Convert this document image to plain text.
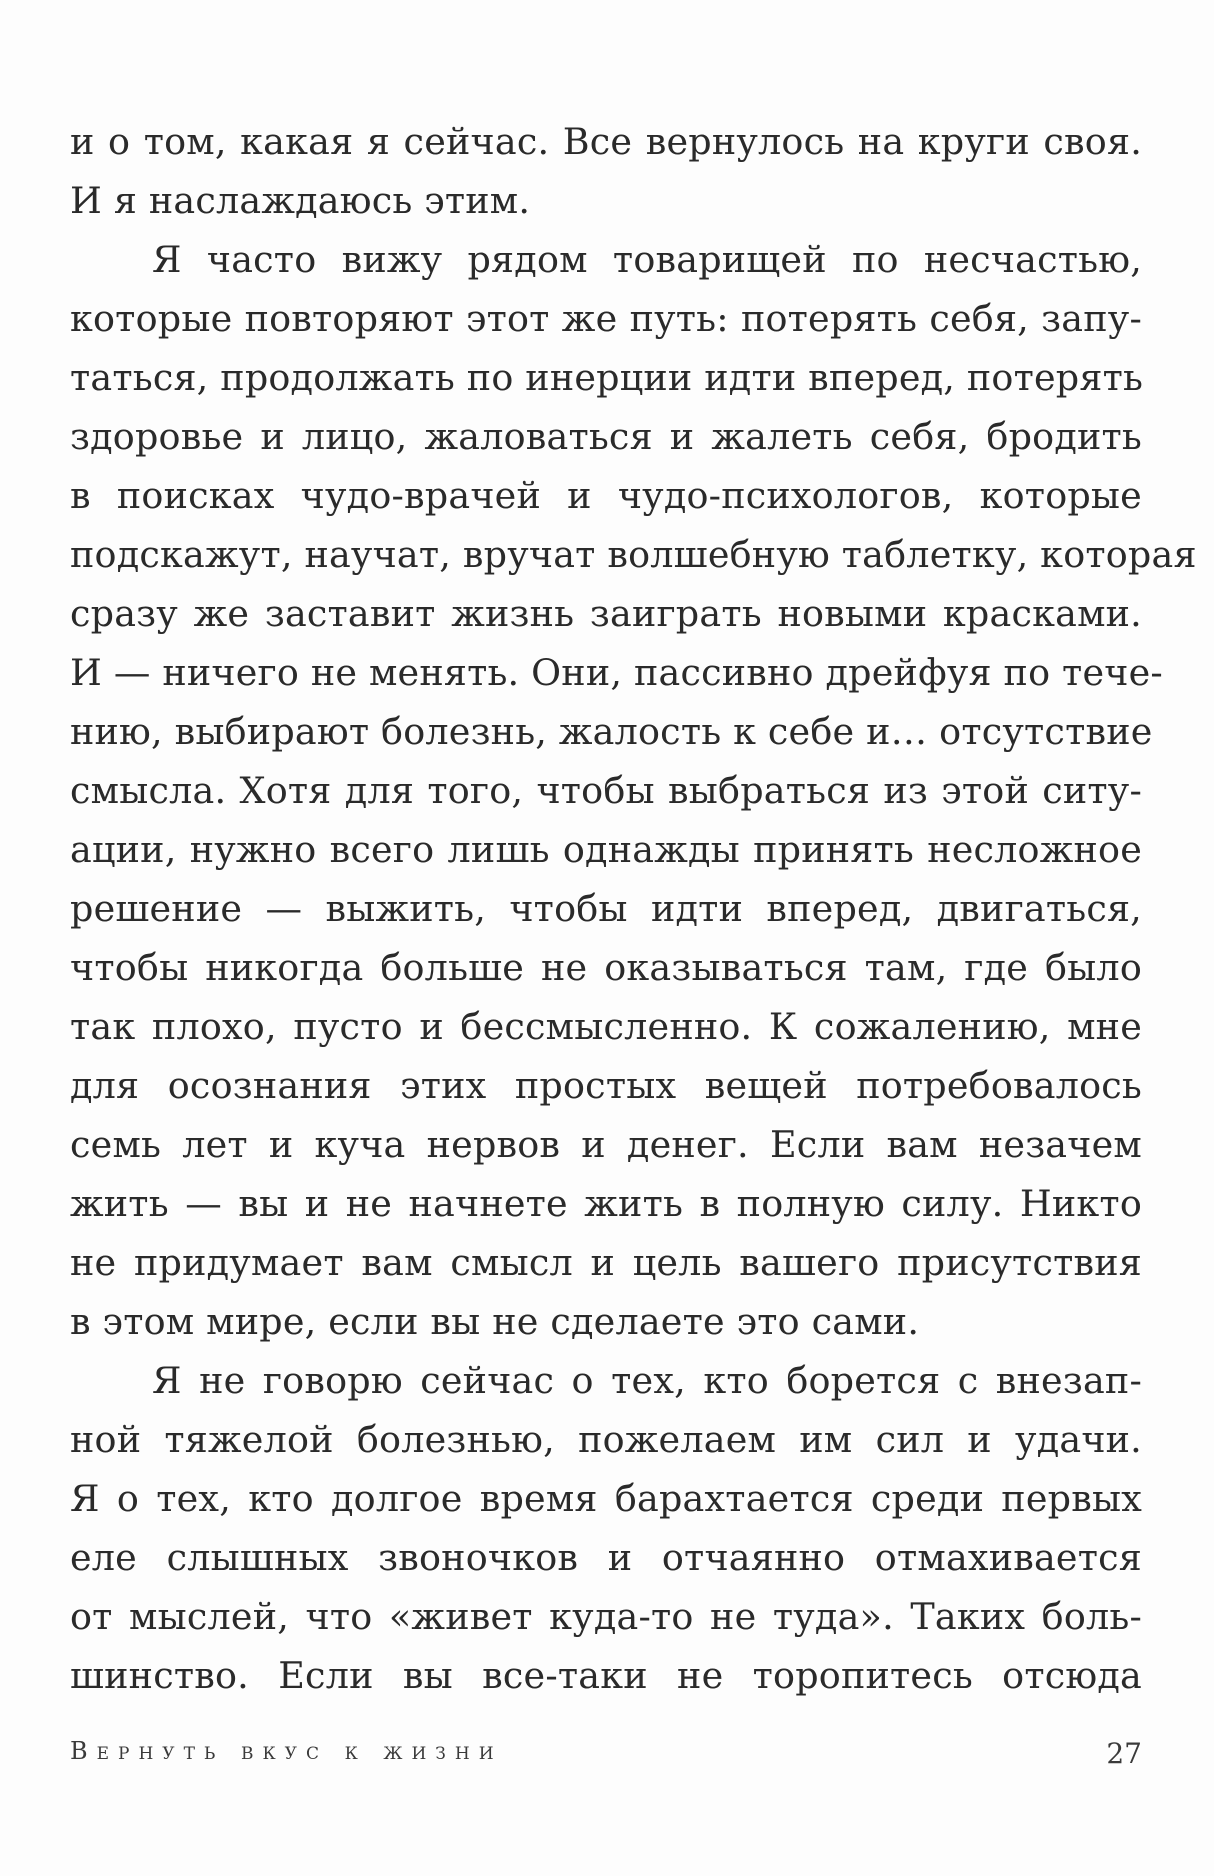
и о том, какая я сейчас. Все вернулось на круги своя.
И я наслаждаюсь этим.
Я часто вижу рядом товарищей по несчастью,
которые повторяют этот же путь: потерять себя, запу-
таться, продолжать по инерции идти вперед, потерять
здоровье и лицо, жаловаться и жалеть себя, бродить
в поисках чудо-врачей и чудо-психологов, которые
подскажут, научат, вручат волшебную таблетку, которая
сразу же заставит жизнь заиграть новыми красками.
И — ничего не менять. Они, пассивно дрейфуя по тече-
нию, выбирают болезнь, жалость к себе и… отсутствие
смысла. Хотя для того, чтобы выбраться из этой ситу-
ации, нужно всего лишь однажды принять несложное
решение — выжить, чтобы идти вперед, двигаться,
чтобы никогда больше не оказываться там, где было
так плохо, пусто и бессмысленно. К сожалению, мне
для осознания этих простых вещей потребовалось
семь лет и куча нервов и денег. Если вам незачем
жить — вы и не начнете жить в полную силу. Никто
не придумает вам смысл и цель вашего присутствия
в этом мире, если вы не сделаете это сами.
Я не говорю сейчас о тех, кто борется с внезап-
ной тяжелой болезнью, пожелаем им сил и удачи.
Я о тех, кто долгое время барахтается среди первых
еле слышных звоночков и отчаянно отмахивается
от мыслей, что «живет куда-то не туда». Таких боль-
шинство. Если вы все-таки не торопитесь отсюда
Вернуть вкус к жизни	27
